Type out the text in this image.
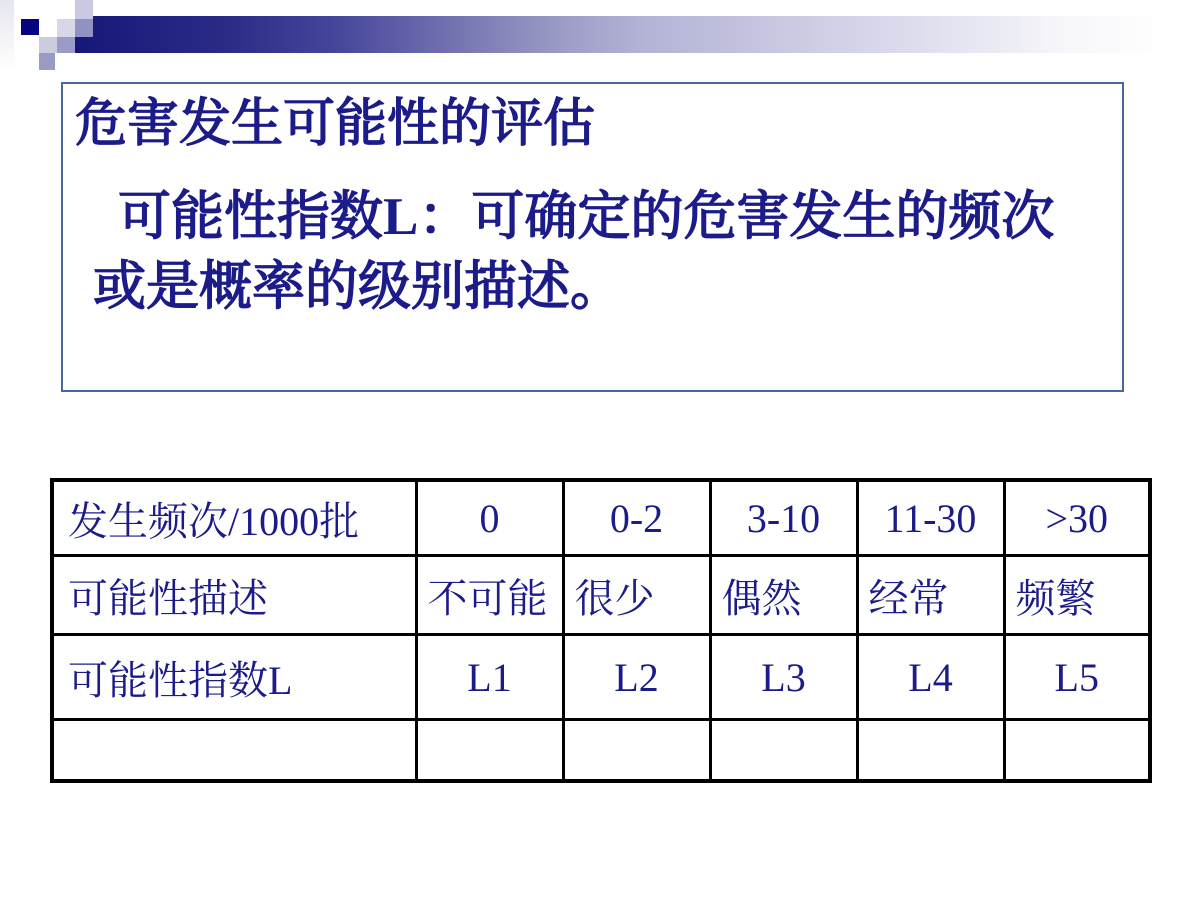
危害发生可能性的评估
可能性指数L：可确定的危害发生的频次
或是概率的级别描述。
发生频次/1000批	0	0-2	3-10	11-30	>30
可能性描述	不可能	很少	偶然	经常	频繁
可能性指数L	L1	L2	L3	L4	L5
